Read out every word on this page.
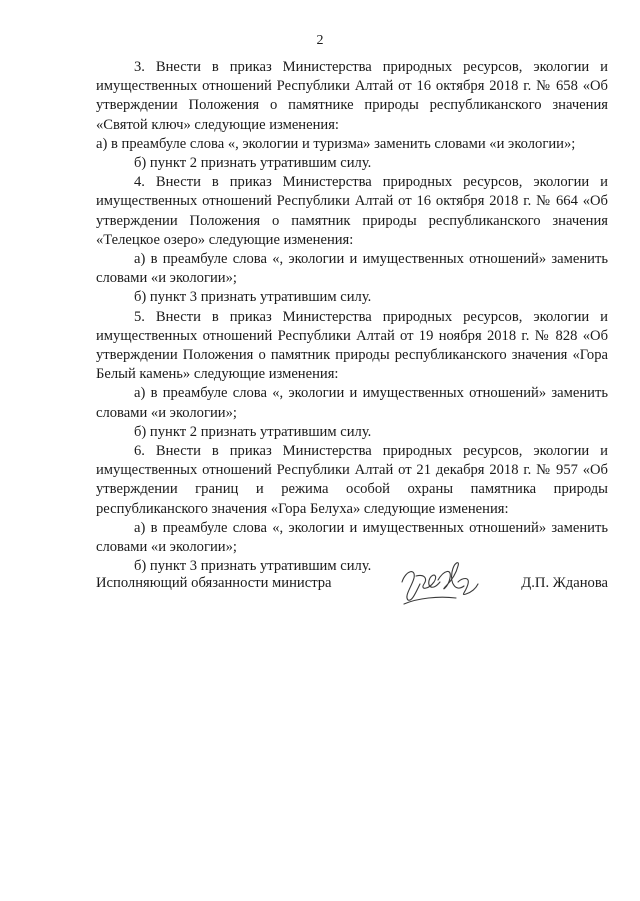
2

3. Внести в приказ Министерства природных ресурсов, экологии и имущественных отношений Республики Алтай от 16 октября 2018 г. № 658 «Об утверждении Положения о памятнике природы республиканского значения «Святой ключ» следующие изменения:

а) в преамбуле слова «, экологии и туризма» заменить словами «и экологии»;

б) пункт 2 признать утратившим силу.

4. Внести в приказ Министерства природных ресурсов, экологии и имущественных отношений Республики Алтай от 16 октября 2018 г. № 664 «Об утверждении Положения о памятник природы республиканского значения «Телецкое озеро» следующие изменения:

а) в преамбуле слова «, экологии и имущественных отношений» заменить словами «и экологии»;

б) пункт 3 признать утратившим силу.

5. Внести в приказ Министерства природных ресурсов, экологии и имущественных отношений Республики Алтай от 19 ноября 2018 г. № 828 «Об утверждении Положения о памятник природы республиканского значения «Гора Белый камень» следующие изменения:

а) в преамбуле слова «, экологии и имущественных отношений» заменить словами «и экологии»;

б) пункт 2 признать утратившим силу.

6. Внести в приказ Министерства природных ресурсов, экологии и имущественных отношений Республики Алтай от 21 декабря 2018 г. № 957 «Об утверждении границ и режима особой охраны памятника природы республиканского значения «Гора Белуха» следующие изменения:

а) в преамбуле слова «, экологии и имущественных отношений» заменить словами «и экологии»;

б) пункт 3 признать утратившим силу.

Исполняющий обязанности министра	Д.П. Жданова
